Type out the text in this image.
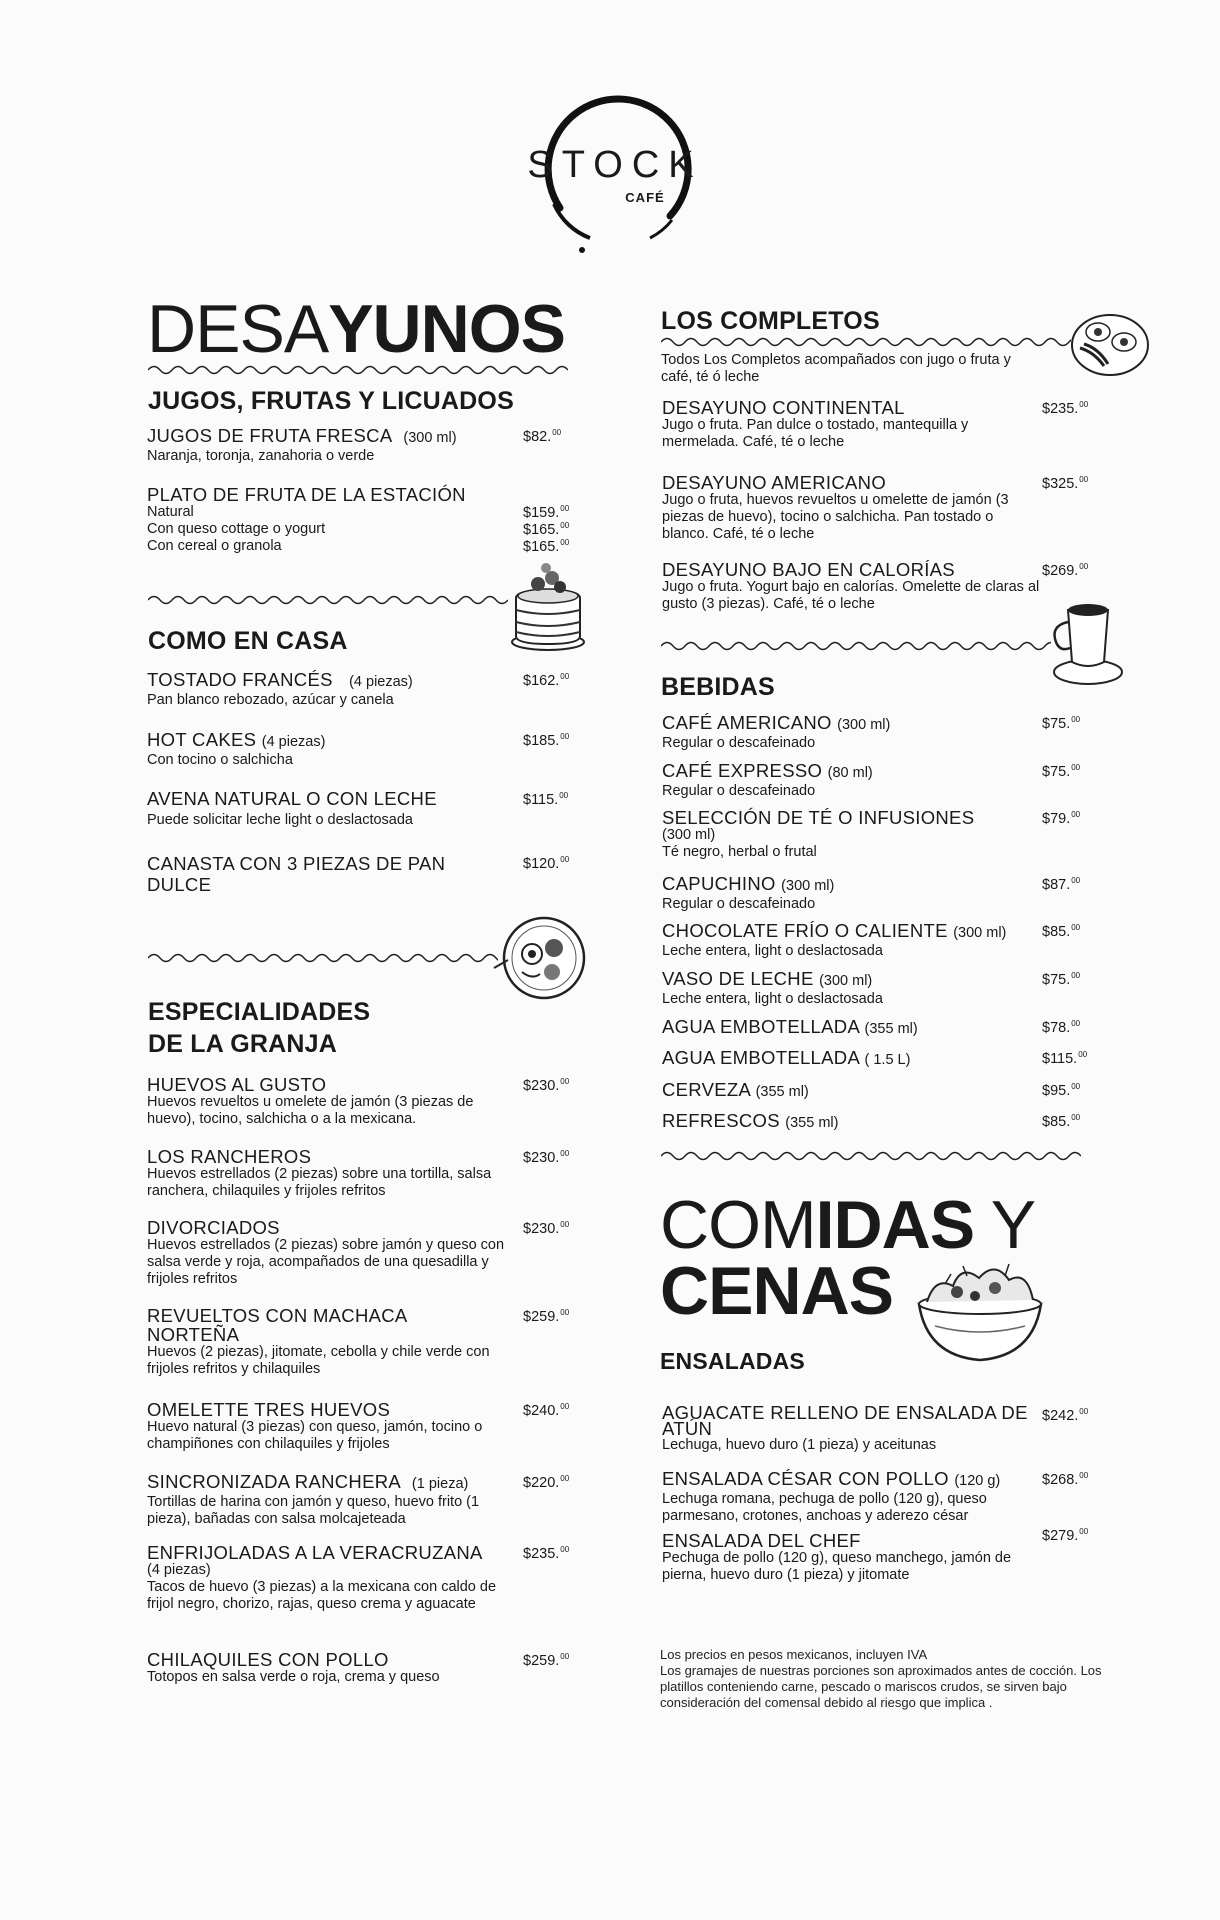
STOCK
CAFÉ
DESAYUNOS
JUGOS, FRUTAS Y LICUADOS
JUGOS DE FRUTA FRESCA (300 ml)
Naranja, toronja, zanahoria o verde
$82.00
PLATO DE FRUTA DE LA ESTACIÓN
Natural	$159.00
Con queso cottage o yogurt	$165.00
Con cereal o granola	$165.00
COMO EN CASA
TOSTADO FRANCÉS (4 piezas)
Pan blanco rebozado, azúcar y canela
$162.00
HOT CAKES (4 piezas)
Con tocino o salchicha
$185.00
AVENA NATURAL O CON LECHE
Puede solicitar leche light o deslactosada
$115.00
CANASTA CON 3 PIEZAS DE PAN DULCE
$120.00
ESPECIALIDADES
DE LA GRANJA
HUEVOS AL GUSTO
Huevos revueltos u omelete de jamón (3 piezas de huevo), tocino, salchicha o a la mexicana.
$230.00
LOS RANCHEROS
Huevos estrellados (2 piezas) sobre una tortilla, salsa ranchera, chilaquiles y frijoles refritos
$230.00
DIVORCIADOS
Huevos estrellados (2 piezas) sobre jamón y queso con salsa verde y roja, acompañados de una quesadilla y frijoles refritos
$230.00
REVUELTOS CON MACHACA NORTEÑA
Huevos (2 piezas), jitomate, cebolla y chile verde con frijoles refritos y chilaquiles
$259.00
OMELETTE TRES HUEVOS
Huevo natural (3 piezas) con queso, jamón, tocino o champiñones con chilaquiles y frijoles
$240.00
SINCRONIZADA RANCHERA (1 pieza)
Tortillas de harina con jamón y queso, huevo frito (1 pieza), bañadas con salsa molcajeteada
$220.00
ENFRIJOLADAS A LA VERACRUZANA
(4 piezas)
Tacos de huevo (3 piezas) a la mexicana con caldo de frijol negro, chorizo, rajas, queso crema y aguacate
$235.00
CHILAQUILES CON POLLO
Totopos en salsa verde o roja, crema y queso
$259.00
LOS COMPLETOS
Todos Los Completos acompañados con jugo o fruta y café, té ó leche
DESAYUNO CONTINENTAL
Jugo o fruta. Pan dulce o tostado, mantequilla y mermelada. Café, té o leche
$235.00
DESAYUNO AMERICANO
Jugo o fruta, huevos revueltos u omelette de jamón (3 piezas de huevo), tocino o salchicha. Pan tostado o blanco. Café, té o leche
$325.00
DESAYUNO BAJO EN CALORÍAS
Jugo o fruta. Yogurt bajo en calorías. Omelette de claras al gusto (3 piezas). Café, té o leche
$269.00
BEBIDAS
CAFÉ AMERICANO (300 ml)
Regular o descafeinado
$75.00
CAFÉ EXPRESSO (80 ml)
Regular o descafeinado
$75.00
SELECCIÓN DE TÉ O INFUSIONES
(300 ml)
Té negro, herbal o frutal
$79.00
CAPUCHINO (300 ml)
Regular o descafeinado
$87.00
CHOCOLATE FRÍO O CALIENTE (300 ml)
Leche entera, light o deslactosada
$85.00
VASO DE LECHE (300 ml)
Leche entera, light o deslactosada
$75.00
AGUA EMBOTELLADA (355 ml)	$78.00
AGUA EMBOTELLADA ( 1.5 L)	$115.00
CERVEZA (355 ml)	$95.00
REFRESCOS (355 ml)	$85.00
COMIDAS Y
CENAS
ENSALADAS
AGUACATE RELLENO DE ENSALADA DE ATÚN
Lechuga, huevo duro (1 pieza) y aceitunas
$242.00
ENSALADA CÉSAR CON POLLO (120 g)
Lechuga romana, pechuga de pollo (120 g), queso parmesano, crotones, anchoas y aderezo césar
$268.00
ENSALADA DEL CHEF
Pechuga de pollo (120 g), queso manchego, jamón de pierna, huevo duro (1 pieza) y jitomate
$279.00
Los precios en pesos mexicanos, incluyen IVA
Los gramajes de nuestras porciones son aproximados antes de cocción. Los platillos conteniendo carne, pescado o mariscos crudos, se sirven bajo consideración del comensal debido al riesgo que implica .
